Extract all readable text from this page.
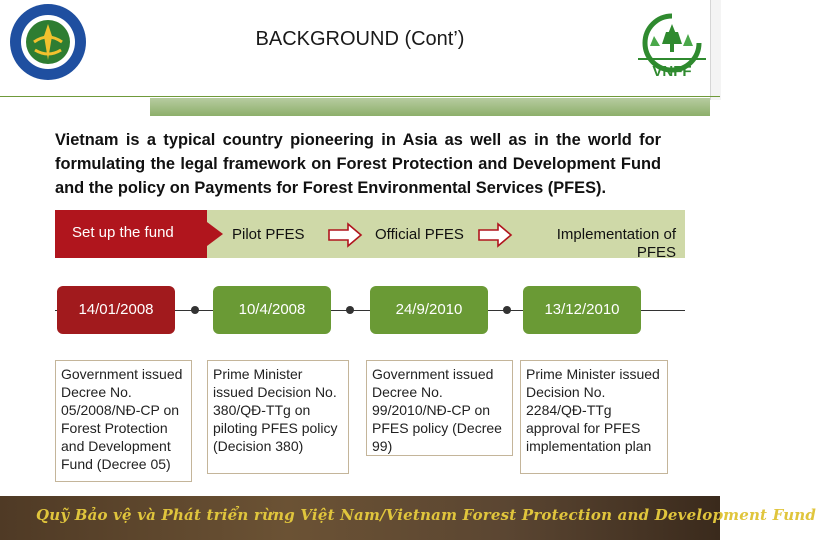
BACKGROUND (Cont’)
VNFF
Vietnam is a typical country pioneering in Asia as well as in the world for formulating the legal framework on Forest Protection and Development Fund and the policy on Payments for Forest Environmental Services (PFES).
Set up the fund	Pilot PFES	Official PFES	Implementation of PFES
14/01/2008	10/4/2008	24/9/2010	13/12/2010
Government issued Decree No. 05/2008/NĐ-CP on Forest Protection and Development Fund (Decree 05)
Prime Minister issued Decision No. 380/QĐ-TTg on piloting PFES policy (Decision 380)
Government issued Decree No. 99/2010/NĐ-CP on PFES policy (Decree 99)
Prime Minister issued Decision No. 2284/QĐ-TTg approval for PFES implementation plan
Quỹ Bảo vệ và Phát triển rừng Việt Nam/Vietnam Forest Protection and Development Fund
